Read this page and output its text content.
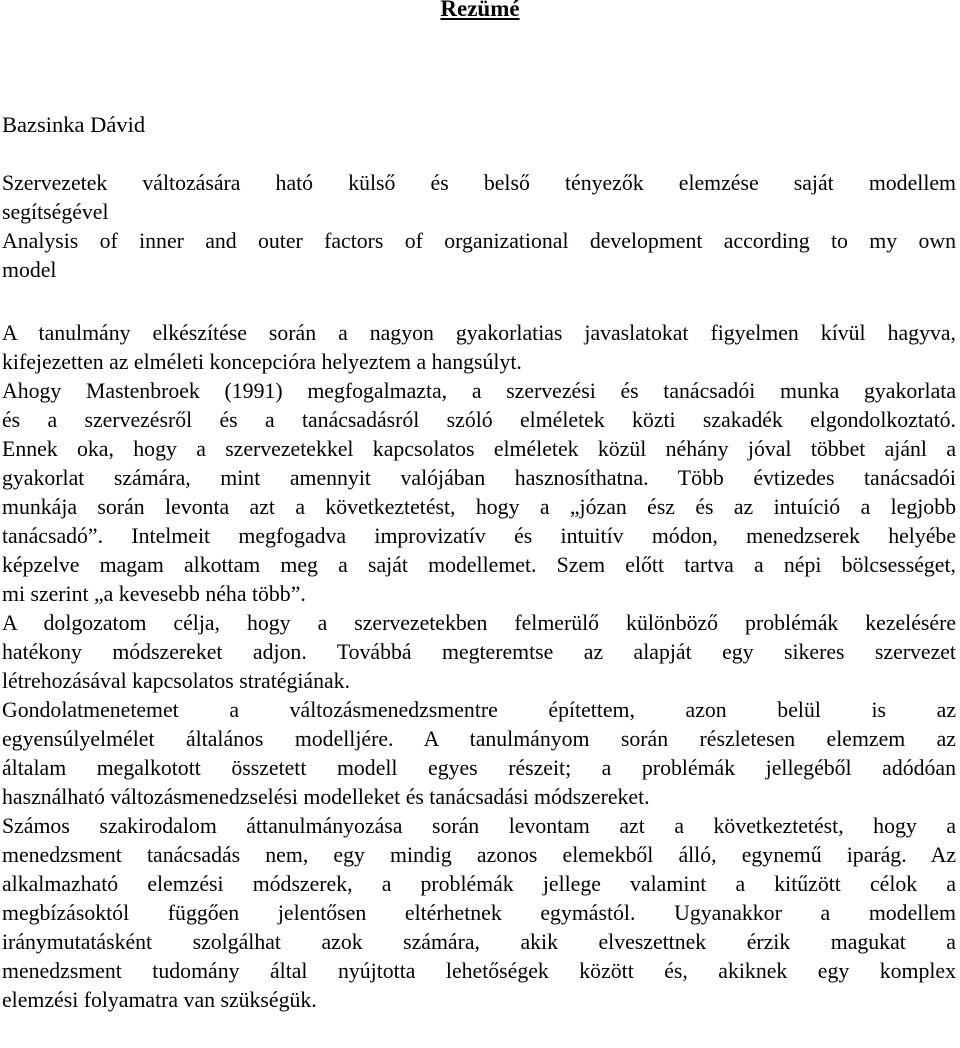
Rezümé

Bazsinka Dávid

Szervezetek változására ható külső és belső tényezők elemzése saját modellem
segítségével
Analysis of inner and outer factors of organizational development according to my own
model

A tanulmány elkészítése során a nagyon gyakorlatias javaslatokat figyelmen kívül hagyva,
kifejezetten az elméleti koncepcióra helyeztem a hangsúlyt.

Ahogy Mastenbroek (1991) megfogalmazta, a szervezési és tanácsadói munka gyakorlata
és a szervezésről és a tanácsadásról szóló elméletek közti szakadék elgondolkoztató.
Ennek oka, hogy a szervezetekkel kapcsolatos elméletek közül néhány jóval többet ajánl a
gyakorlat számára, mint amennyit valójában hasznosíthatna. Több évtizedes tanácsadói
munkája során levonta azt a következtetést, hogy a „józan ész és az intuíció a legjobb
tanácsadó”. Intelmeit megfogadva improvizatív és intuitív módon, menedzserek helyébe
képzelve magam alkottam meg a saját modellemet. Szem előtt tartva a népi bölcsességet,
mi szerint „a kevesebb néha több”.

A dolgozatom célja, hogy a szervezetekben felmerülő különböző problémák kezelésére
hatékony módszereket adjon. Továbbá megteremtse az alapját egy sikeres szervezet
létrehozásával kapcsolatos stratégiának.

Gondolatmenetemet a változásmenedzsmentre építettem, azon belül is az
egyensúlyelmélet általános modelljére. A tanulmányom során részletesen elemzem az
általam megalkotott összetett modell egyes részeit; a problémák jellegéből adódóan
használható változásmenedzselési modelleket és tanácsadási módszereket.

Számos szakirodalom áttanulmányozása során levontam azt a következtetést, hogy a
menedzsment tanácsadás nem, egy mindig azonos elemekből álló, egynemű iparág. Az
alkalmazható elemzési módszerek, a problémák jellege valamint a kitűzött célok a
megbízásoktól függően jelentősen eltérhetnek egymástól. Ugyanakkor a modellem
iránymutatásként szolgálhat azok számára, akik elveszettnek érzik magukat a
menedzsment tudomány által nyújtotta lehetőségek között és, akiknek egy komplex
elemzési folyamatra van szükségük.
